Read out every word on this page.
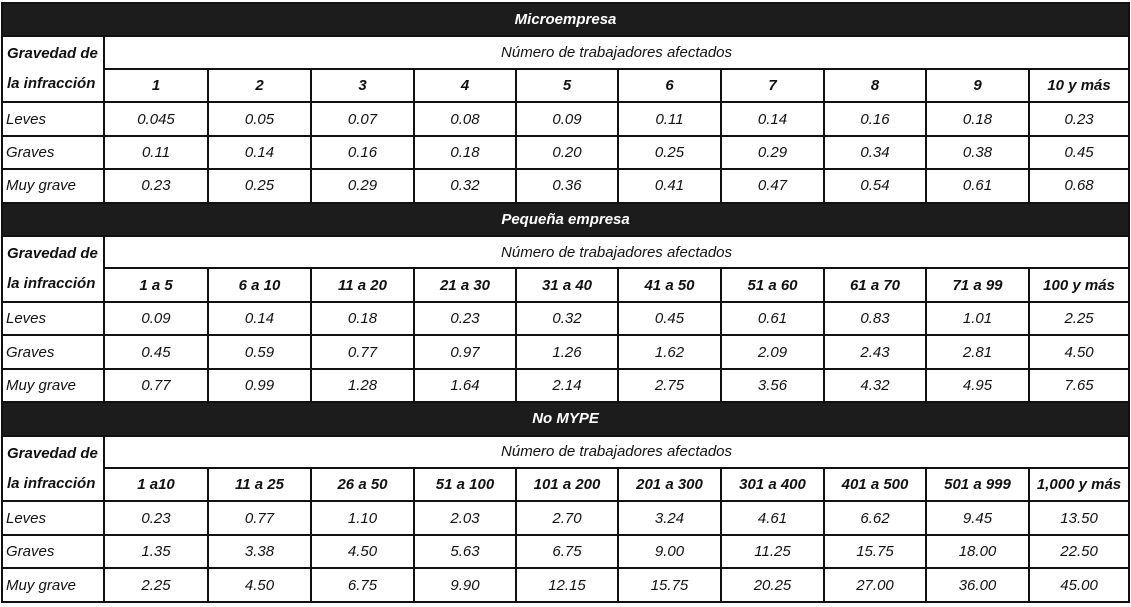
Microempresa										

Gravedad de
la infracción	Número de trabajadores afectados									
	1	2	3	4	5	6	7	8	9	10 y más
Leves	0.045	0.05	0.07	0.08	0.09	0.11	0.14	0.16	0.18	0.23
Graves	0.11	0.14	0.16	0.18	0.20	0.25	0.29	0.34	0.38	0.45
Muy grave	0.23	0.25	0.29	0.32	0.36	0.41	0.47	0.54	0.61	0.68
Pequeña empresa										

Gravedad de
la infracción	Número de trabajadores afectados									
	1 a 5	6 a 10	11 a 20	21 a 30	31 a 40	41 a 50	51 a 60	61 a 70	71 a 99	100 y más
Leves	0.09	0.14	0.18	0.23	0.32	0.45	0.61	0.83	1.01	2.25
Graves	0.45	0.59	0.77	0.97	1.26	1.62	2.09	2.43	2.81	4.50
Muy grave	0.77	0.99	1.28	1.64	2.14	2.75	3.56	4.32	4.95	7.65
No MYPE										

Gravedad de
la infracción	Número de trabajadores afectados									
	1 a10	11 a 25	26 a 50	51 a 100	101 a 200	201 a 300	301 a 400	401 a 500	501 a 999	1,000 y más
Leves	0.23	0.77	1.10	2.03	2.70	3.24	4.61	6.62	9.45	13.50
Graves	1.35	3.38	4.50	5.63	6.75	9.00	11.25	15.75	18.00	22.50
Muy grave	2.25	4.50	6.75	9.90	12.15	15.75	20.25	27.00	36.00	45.00
